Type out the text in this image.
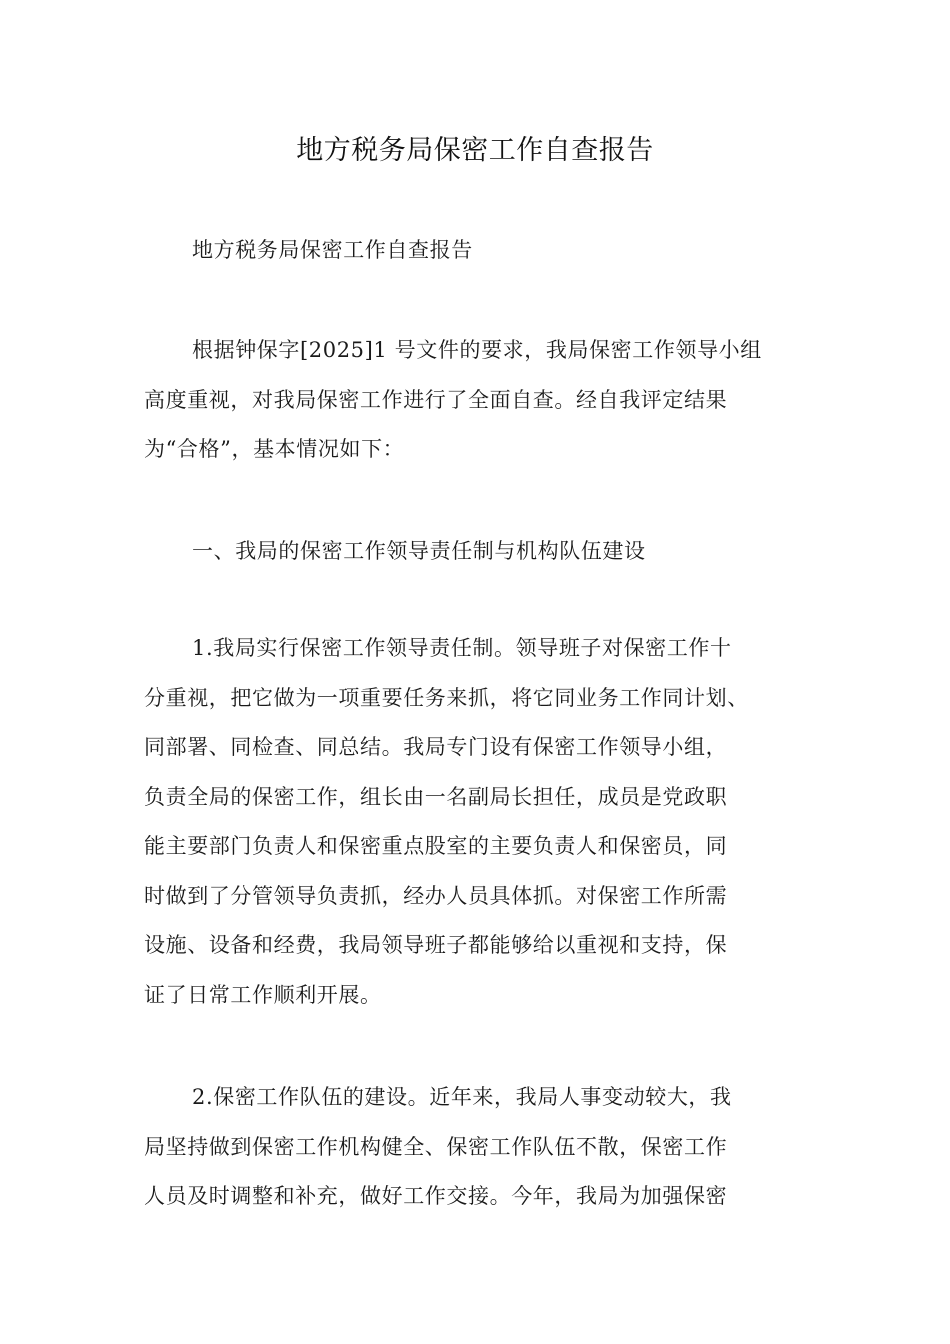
地方税务局保密工作自查报告
地方税务局保密工作自查报告
根据钟保字[2025]1 号文件的要求，我局保密工作领导小组
高度重视，对我局保密工作进行了全面自查。经自我评定结果
为“合格”，基本情况如下：
一、我局的保密工作领导责任制与机构队伍建设
1.我局实行保密工作领导责任制。领导班子对保密工作十
分重视，把它做为一项重要任务来抓，将它同业务工作同计划、
同部署、同检查、同总结。我局专门设有保密工作领导小组，
负责全局的保密工作，组长由一名副局长担任，成员是党政职
能主要部门负责人和保密重点股室的主要负责人和保密员，同
时做到了分管领导负责抓，经办人员具体抓。对保密工作所需
设施、设备和经费，我局领导班子都能够给以重视和支持，保
证了日常工作顺利开展。
2.保密工作队伍的建设。近年来，我局人事变动较大，我
局坚持做到保密工作机构健全、保密工作队伍不散，保密工作
人员及时调整和补充，做好工作交接。今年，我局为加强保密
